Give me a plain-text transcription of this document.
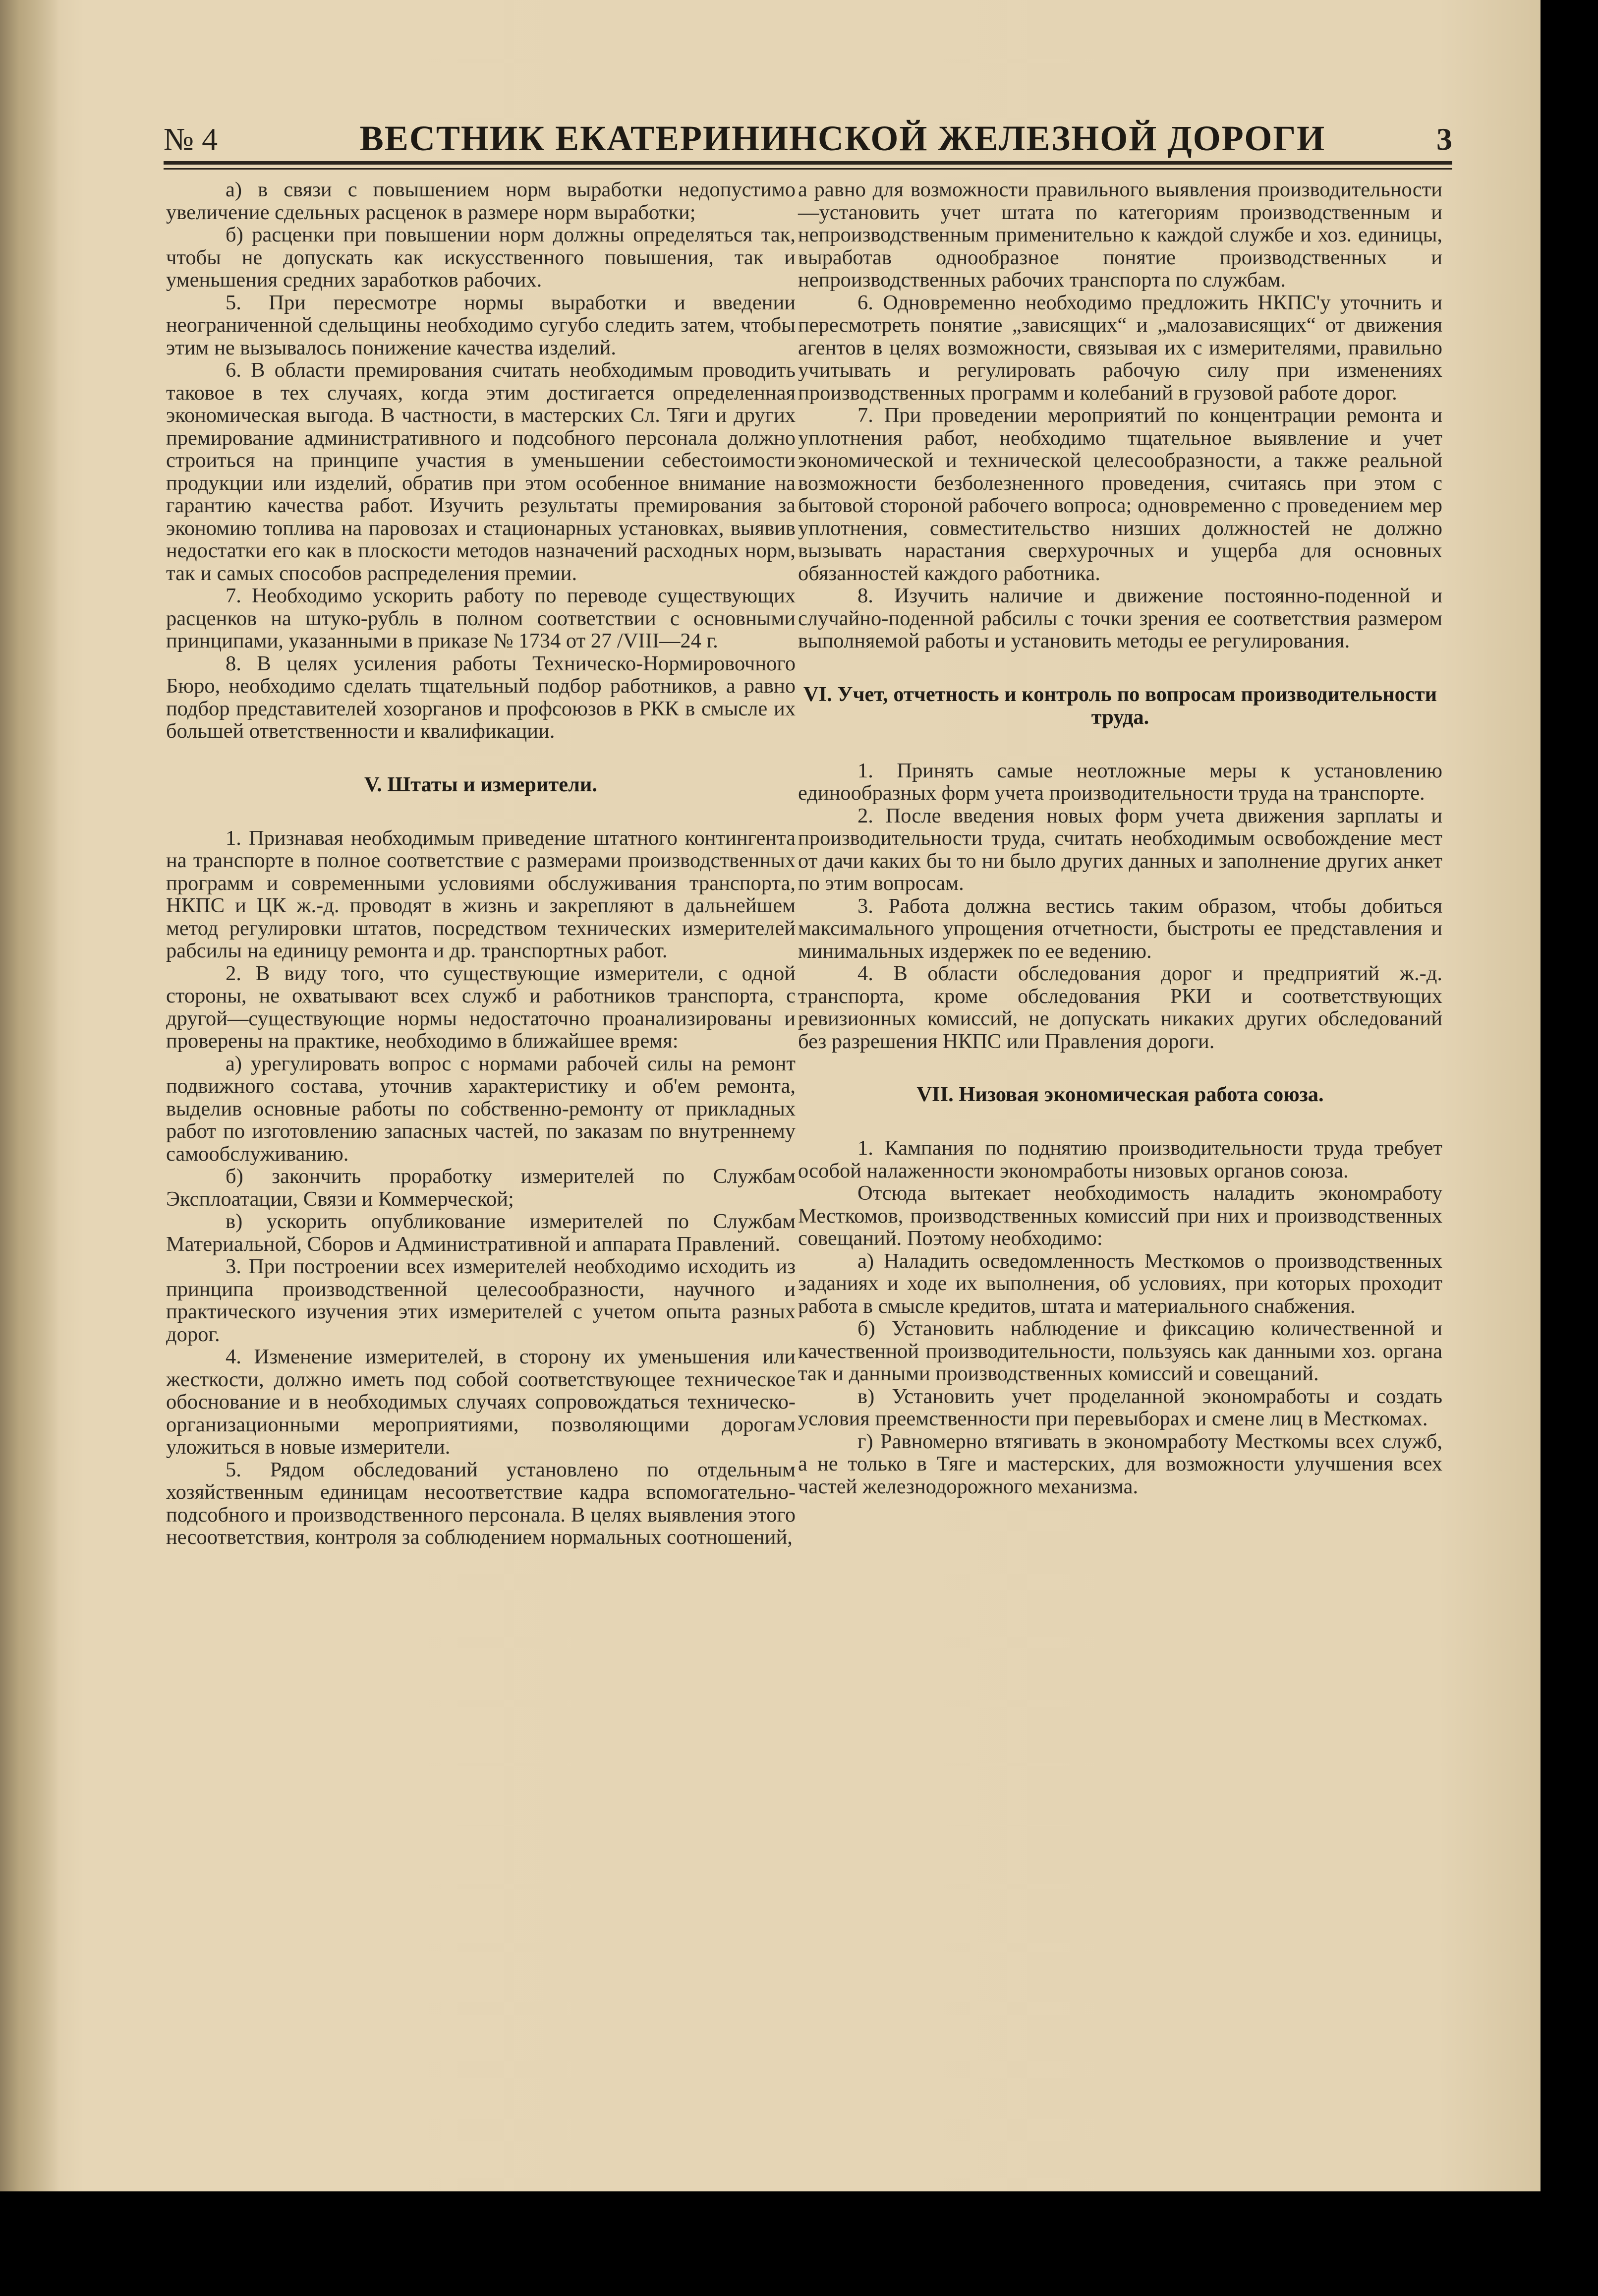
№ 4	ВЕСТНИК ЕКАТЕРИНИНСКОЙ ЖЕЛЕЗНОЙ ДОРОГИ	3

а) в связи с повышением норм выработки недопустимо увеличение сдельных расценок в размере норм выработки;

б) расценки при повышении норм должны определяться так, чтобы не допускать как искусственного повышения, так и уменьшения средних заработков рабочих.

5. При пересмотре нормы выработки и введении неограниченной сдельщины необходимо сугубо следить затем, чтобы этим не вызывалось понижение качества изделий.

6. В области премирования считать необходимым проводить таковое в тех случаях, когда этим достигается определенная экономическая выгода. В частности, в мастерских Сл. Тяги и других премирование административного и подсобного персонала должно строиться на принципе участия в уменьшении себестоимости продукции или изделий, обратив при этом особенное внимание на гарантию качества работ. Изучить результаты премирования за экономию топлива на паровозах и стационарных установках, выявив недостатки его как в плоскости методов назначений расходных норм, так и самых способов распределения премии.

7. Необходимо ускорить работу по переводе существующих расценков на штуко-рубль в полном соответствии с основными принципами, указанными в приказе № 1734 от 27 /VIII—24 г.

8. В целях усиления работы Техническо-Нормировочного Бюро, необходимо сделать тщательный подбор работников, а равно подбор представителей хозорганов и профсоюзов в РКК в смысле их большей ответственности и квалификации.

V. Штаты и измерители.

1. Признавая необходимым приведение штатного контингента на транспорте в полное соответствие с размерами производственных программ и современными условиями обслуживания транспорта, НКПС и ЦК ж.-д. проводят в жизнь и закрепляют в дальнейшем метод регулировки штатов, посредством технических измерителей рабсилы на единицу ремонта и др. транспортных работ.

2. В виду того, что существующие измерители, с одной стороны, не охватывают всех служб и работников транспорта, с другой—существующие нормы недостаточно проанализированы и проверены на практике, необходимо в ближайшее время:

а) урегулировать вопрос с нормами рабочей силы на ремонт подвижного состава, уточнив характеристику и об'ем ремонта, выделив основные работы по собственно-ремонту от прикладных работ по изготовлению запасных частей, по заказам по внутреннему самообслуживанию.

б) закончить проработку измерителей по Службам Эксплоатации, Связи и Коммерческой;

в) ускорить опубликование измерителей по Службам Материальной, Сборов и Административной и аппарата Правлений.

3. При построении всех измерителей необходимо исходить из принципа производственной целесообразности, научного и практического изучения этих измерителей с учетом опыта разных дорог.

4. Изменение измерителей, в сторону их уменьшения или жесткости, должно иметь под собой соответствующее техническое обоснование и в необходимых случаях сопровождаться техническо-организационными мероприятиями, позволяющими дорогам уложиться в новые измерители.

5. Рядом обследований установлено по отдельным хозяйственным единицам несоответствие кадра вспомогательно-подсобного и производственного персонала. В целях выявления этого несоответствия, контроля за соблюдением нормальных соотношений,

а равно для возможности правильного выявления производительности—установить учет штата по категориям производственным и непроизводственным применительно к каждой службе и хоз. единицы, выработав однообразное понятие производственных и непроизводственных рабочих транспорта по службам.

6. Одновременно необходимо предложить НКПС'у уточнить и пересмотреть понятие „зависящих“ и „малозависящих“ от движения агентов в целях возможности, связывая их с измерителями, правильно учитывать и регулировать рабочую силу при изменениях производственных программ и колебаний в грузовой работе дорог.

7. При проведении мероприятий по концентрации ремонта и уплотнения работ, необходимо тщательное выявление и учет экономической и технической целесообразности, а также реальной возможности безболезненного проведения, считаясь при этом с бытовой стороной рабочего вопроса; одновременно с проведением мер уплотнения, совместительство низших должностей не должно вызывать нарастания сверхурочных и ущерба для основных обязанностей каждого работника.

8. Изучить наличие и движение постоянно-поденной и случайно-поденной рабсилы с точки зрения ее соответствия размером выполняемой работы и установить методы ее регулирования.

VI. Учет, отчетность и контроль по вопросам производительности труда.

1. Принять самые неотложные меры к установлению единообразных форм учета производительности труда на транспорте.

2. После введения новых форм учета движения зарплаты и производительности труда, считать необходимым освобождение мест от дачи каких бы то ни было других данных и заполнение других анкет по этим вопросам.

3. Работа должна вестись таким образом, чтобы добиться максимального упрощения отчетности, быстроты ее представления и минимальных издержек по ее ведению.

4. В области обследования дорог и предприятий ж.-д. транспорта, кроме обследования РКИ и соответствующих ревизионных комиссий, не допускать никаких других обследований без разрешения НКПС или Правления дороги.

VII. Низовая экономическая работа союза.

1. Кампания по поднятию производительности труда требует особой налаженности экономработы низовых органов союза.

Отсюда вытекает необходимость наладить экономработу Месткомов, производственных комиссий при них и производственных совещаний. Поэтому необходимо:

а) Наладить осведомленность Месткомов о производственных заданиях и ходе их выполнения, об условиях, при которых проходит работа в смысле кредитов, штата и материального снабжения.

б) Установить наблюдение и фиксацию количественной и качественной производительности, пользуясь как данными хоз. органа так и данными производственных комиссий и совещаний.

в) Установить учет проделанной экономработы и создать условия преемственности при перевыборах и смене лиц в Месткомах.

г) Равномерно втягивать в экономработу Месткомы всех служб, а не только в Тяге и мастерских, для возможности улучшения всех частей железнодорожного механизма.
